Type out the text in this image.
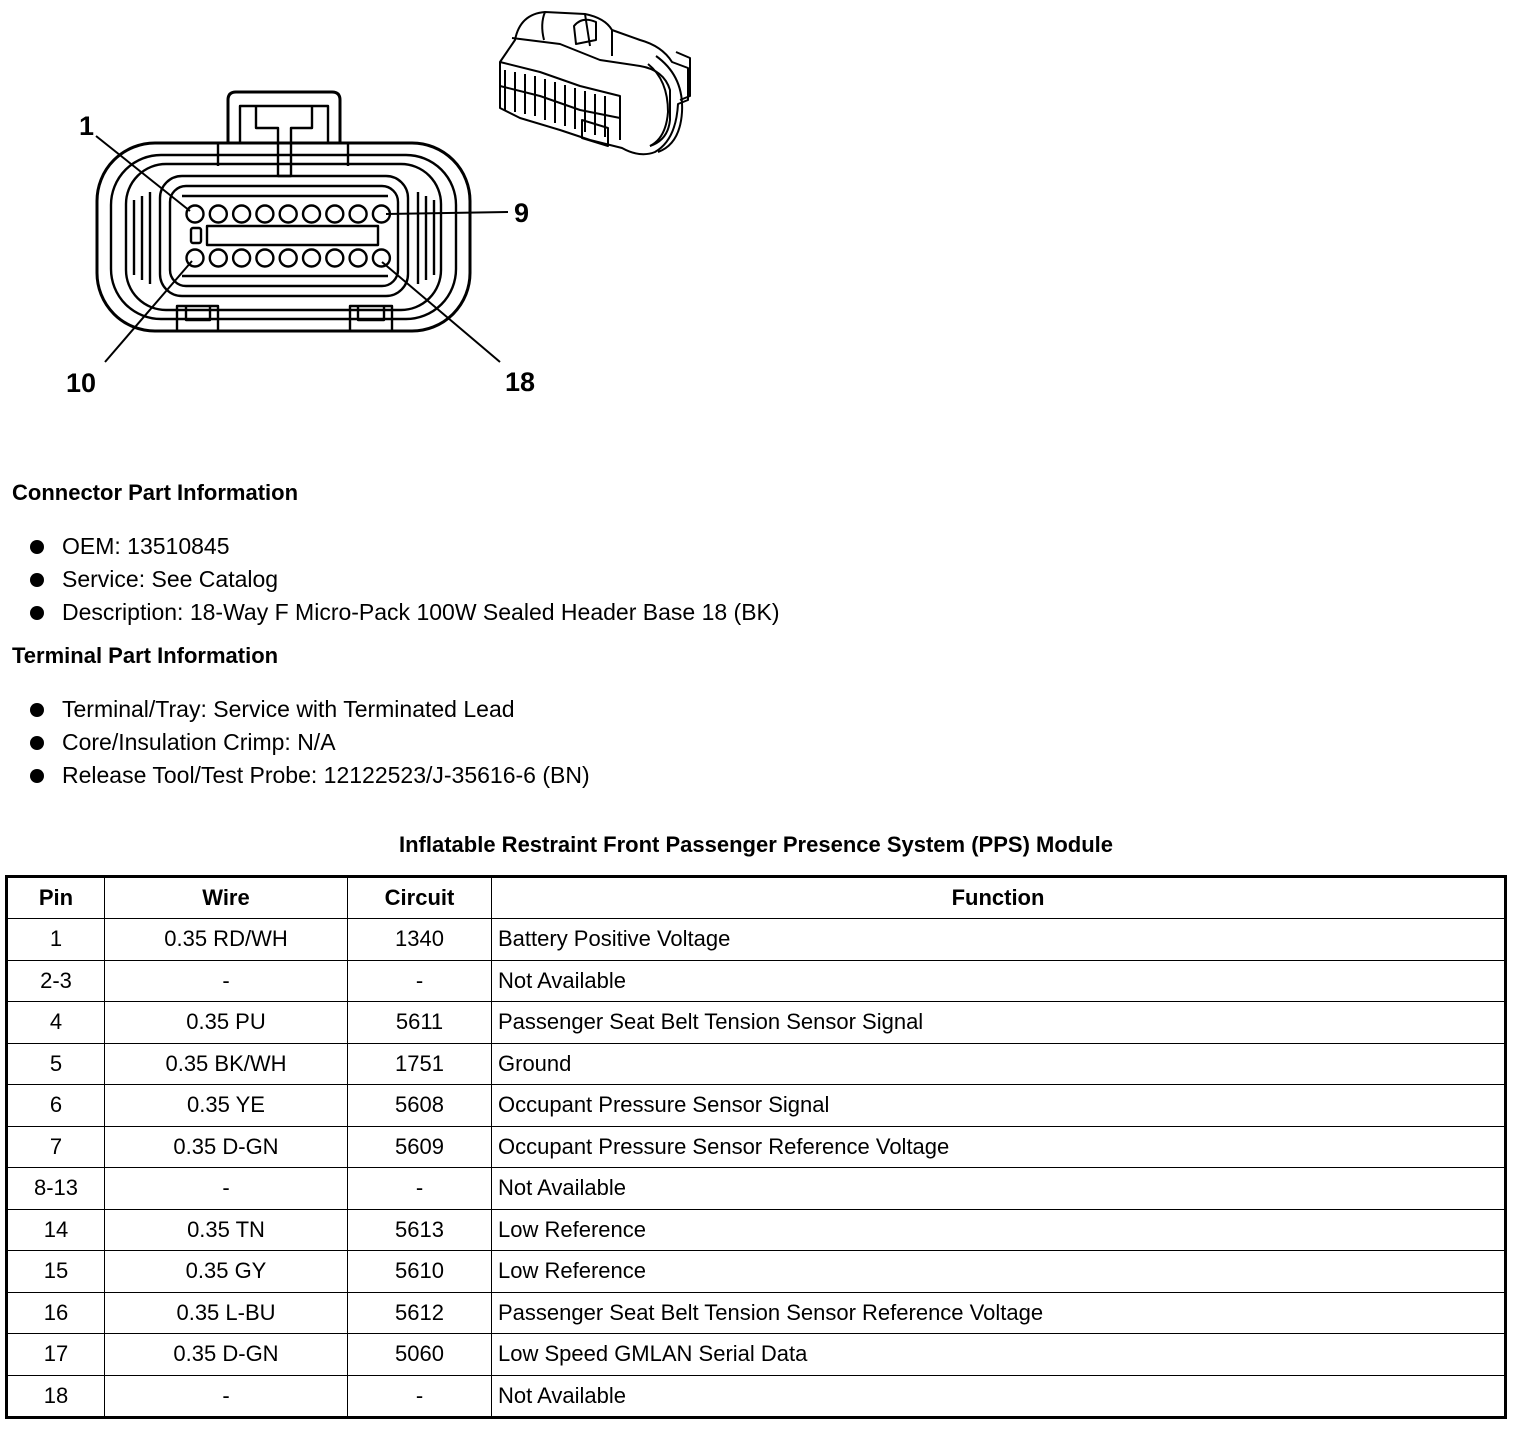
1
9
10	18
Connector Part Information
OEM: 13510845
Service: See Catalog
Description: 18-Way F Micro-Pack 100W Sealed Header Base 18 (BK)
Terminal Part Information
Terminal/Tray: Service with Terminated Lead
Core/Insulation Crimp: N/A
Release Tool/Test Probe: 12122523/J-35616-6 (BN)
Inflatable Restraint Front Passenger Presence System (PPS) Module
Pin	Wire	Circuit	Function
1	0.35 RD/WH	1340	Battery Positive Voltage
2-3	-	-	Not Available
4	0.35 PU	5611	Passenger Seat Belt Tension Sensor Signal
5	0.35 BK/WH	1751	Ground
6	0.35 YE	5608	Occupant Pressure Sensor Signal
7	0.35 D-GN	5609	Occupant Pressure Sensor Reference Voltage
8-13	-	-	Not Available
14	0.35 TN	5613	Low Reference
15	0.35 GY	5610	Low Reference
16	0.35 L-BU	5612	Passenger Seat Belt Tension Sensor Reference Voltage
17	0.35 D-GN	5060	Low Speed GMLAN Serial Data
18	-	-	Not Available
